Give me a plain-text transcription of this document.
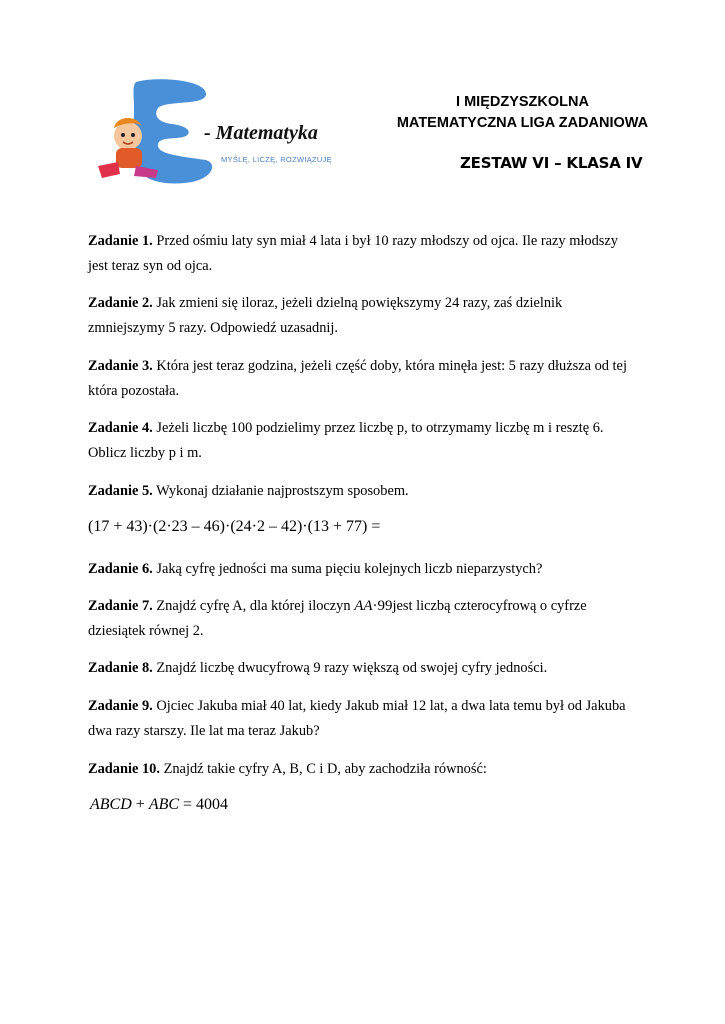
- Matematyka
MYŚLĘ, LICZĘ, ROZWIĄZUJĘ
I MIĘDZYSZKOLNA
MATEMATYCZNA LIGA ZADANIOWA
ZESTAW VI – KLASA IV
Zadanie 1. Przed ośmiu laty syn miał 4 lata i był 10 razy młodszy od ojca. Ile razy młodszy
jest teraz syn od ojca.
Zadanie 2. Jak zmieni się iloraz, jeżeli dzielną powiększymy 24 razy, zaś dzielnik
zmniejszymy 5 razy. Odpowiedź uzasadnij.
Zadanie 3. Która jest teraz godzina, jeżeli część doby, która minęła jest: 5 razy dłuższa od tej
która pozostała.
Zadanie 4. Jeżeli liczbę 100 podzielimy przez liczbę p, to otrzymamy liczbę m i resztę 6.
Oblicz liczby p i m.
Zadanie 5. Wykonaj działanie najprostszym sposobem.
(17 + 43)·(2·23 – 46)·(24·2 – 42)·(13 + 77) =
Zadanie 6. Jaką cyfrę jedności ma suma pięciu kolejnych liczb nieparzystych?
Zadanie 7. Znajdź cyfrę A, dla której iloczyn AA·99jest liczbą czterocyfrową o cyfrze
dziesiątek równej 2.
Zadanie 8. Znajdź liczbę dwucyfrową 9 razy większą od swojej cyfry jedności.
Zadanie 9. Ojciec Jakuba miał 40 lat, kiedy Jakub miał 12 lat, a dwa lata temu był od Jakuba
dwa razy starszy. Ile lat ma teraz Jakub?
Zadanie 10. Znajdź takie cyfry A, B, C i D, aby zachodziła równość:
ABCD + ABC = 4004
